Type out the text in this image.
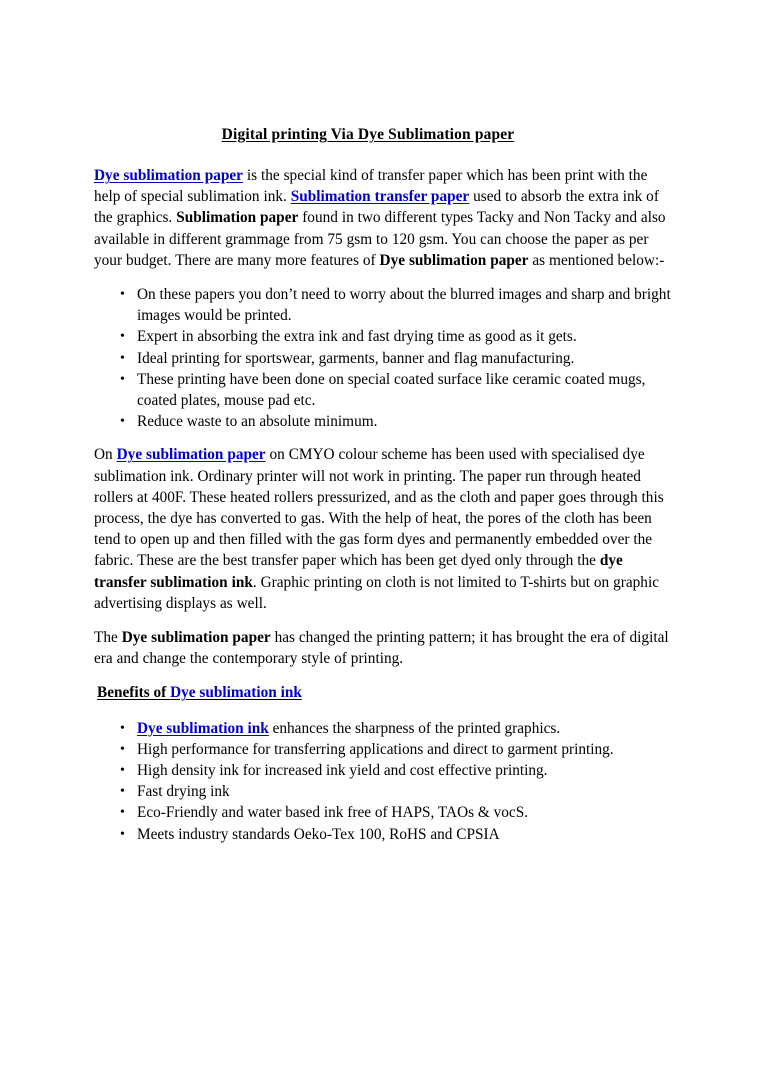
Digital printing Via Dye Sublimation paper

Dye sublimation paper is the special kind of transfer paper which has been print with the help of special sublimation ink. Sublimation transfer paper used to absorb the extra ink of the graphics. Sublimation paper found in two different types Tacky and Non Tacky and also available in different grammage from 75 gsm to 120 gsm. You can choose the paper as per your budget. There are many more features of Dye sublimation paper as mentioned below:-

• On these papers you don’t need to worry about the blurred images and sharp and bright images would be printed.
• Expert in absorbing the extra ink and fast drying time as good as it gets.
• Ideal printing for sportswear, garments, banner and flag manufacturing.
• These printing have been done on special coated surface like ceramic coated mugs, coated plates, mouse pad etc.
• Reduce waste to an absolute minimum.

On Dye sublimation paper on CMYO colour scheme has been used with specialised dye sublimation ink. Ordinary printer will not work in printing. The paper run through heated rollers at 400F. These heated rollers pressurized, and as the cloth and paper goes through this process, the dye has converted to gas. With the help of heat, the pores of the cloth has been tend to open up and then filled with the gas form dyes and permanently embedded over the fabric. These are the best transfer paper which has been get dyed only through the dye transfer sublimation ink. Graphic printing on cloth is not limited to T-shirts but on graphic advertising displays as well.

The Dye sublimation paper has changed the printing pattern; it has brought the era of digital era and change the contemporary style of printing.

Benefits of Dye sublimation ink
• Dye sublimation ink enhances the sharpness of the printed graphics.
• High performance for transferring applications and direct to garment printing.
• High density ink for increased ink yield and cost effective printing.
• Fast drying ink
• Eco-Friendly and water based ink free of HAPS, TAOs & vocS.
• Meets industry standards Oeko-Tex 100, RoHS and CPSIA
